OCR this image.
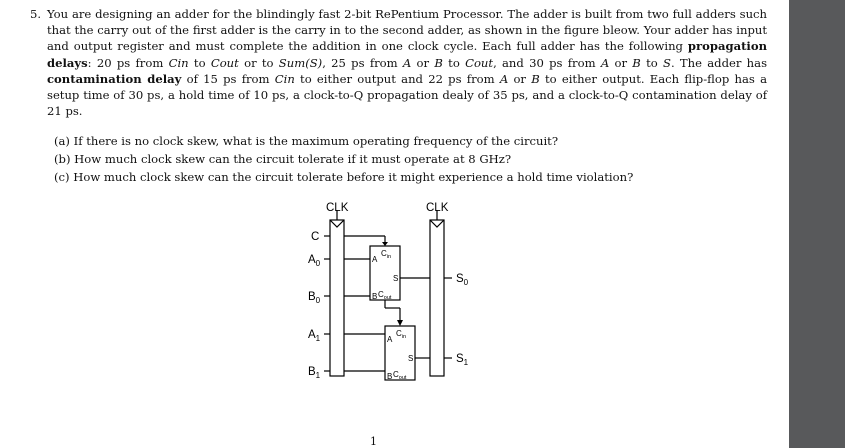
5. You are designing an adder for the blindingly fast 2-bit RePentium Processor. The adder is built from two full adders such that the carry out of the first adder is the carry in to the second adder, as shown in the figure bleow. Your adder has input and output register and must complete the addition in one clock cycle. Each full adder has the following propagation delays: 20 ps from Cin to Cout or to Sum(S), 25 ps from A or B to Cout, and 30 ps from A or B to S. The adder has contamination delay of 15 ps from Cin to either output and 22 ps from A or B to either output. Each flip-flop has a setup time of 30 ps, a hold time of 10 ps, a clock-to-Q propagation dealy of 35 ps, and a clock-to-Q contamination delay of 21 ps.

(a) If there is no clock skew, what is the maximum operating frequency of the circuit?
(b) How much clock skew can the circuit tolerate if it must operate at 8 GHz?
(c) How much clock skew can the circuit tolerate before it might experience a hold time violation?
CLK	CLK
C
$A_0$
$B_0$
$A_1$
$B_1$
$S_0$
$S_1$
A
B
S
$C_{in}$
$C_{out}$
A
B
S
$C_{in}$
$C_{out}$
1
